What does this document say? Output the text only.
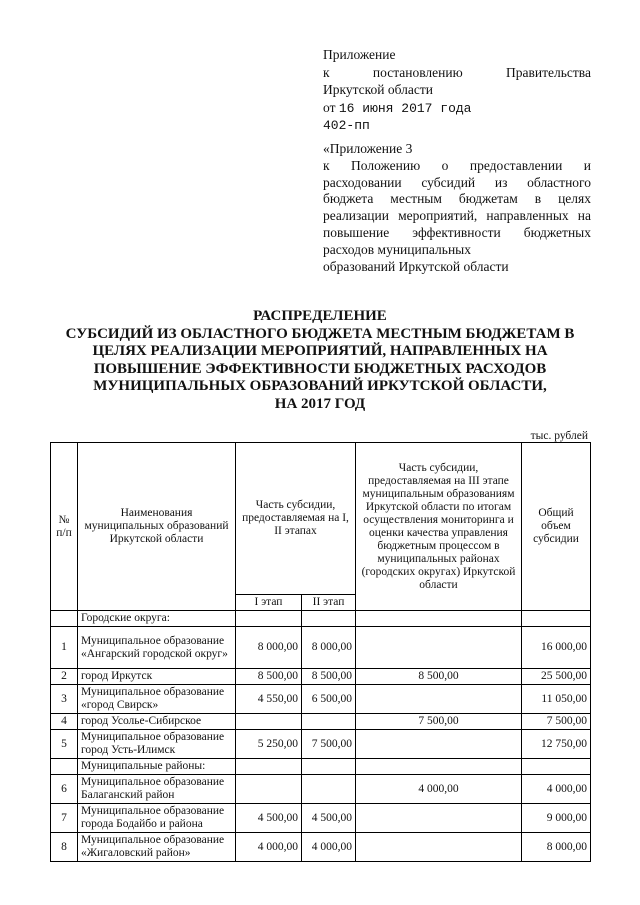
Приложение
к	постановлению	Правительства
Иркутской области
от 16 июня 2017 года
402-пп
«Приложение 3
к Положению о предоставлении и расходовании субсидий из областного бюджета местным бюджетам в целях реализации мероприятий, направленных на повышение эффективности бюджетных расходов муниципальных
образований Иркутской области
РАСПРЕДЕЛЕНИЕ
СУБСИДИЙ ИЗ ОБЛАСТНОГО БЮДЖЕТА МЕСТНЫМ БЮДЖЕТАМ В
ЦЕЛЯХ РЕАЛИЗАЦИИ МЕРОПРИЯТИЙ, НАПРАВЛЕННЫХ НА
ПОВЫШЕНИЕ ЭФФЕКТИВНОСТИ БЮДЖЕТНЫХ РАСХОДОВ
МУНИЦИПАЛЬНЫХ ОБРАЗОВАНИЙ ИРКУТСКОЙ ОБЛАСТИ,
НА 2017 ГОД
тыс. рублей
№ п/п	Наименования муниципальных образований Иркутской области	Часть субсидии, предоставляемая на I, II этапах		Часть субсидии, предоставляемая на III этапе муниципальным образованиям Иркутской области по итогам осуществления мониторинга и оценки качества управления бюджетным процессом в муниципальных районах (городских округах) Иркутской области	Общий объем субсидии
		I этап	II этап		
	Городские округа:				
1	Муниципальное образование «Ангарский городской округ»	8 000,00	8 000,00		16 000,00
2	город Иркутск	8 500,00	8 500,00	8 500,00	25 500,00
3	Муниципальное образование «город Свирск»	4 550,00	6 500,00		11 050,00
4	город Усолье-Сибирское			7 500,00	7 500,00
5	Муниципальное образование город Усть-Илимск	5 250,00	7 500,00		12 750,00
	Муниципальные районы:				
6	Муниципальное образование Балаганский район			4 000,00	4 000,00
7	Муниципальное образование города Бодайбо и района	4 500,00	4 500,00		9 000,00
8	Муниципальное образование «Жигаловский район»	4 000,00	4 000,00		8 000,00
